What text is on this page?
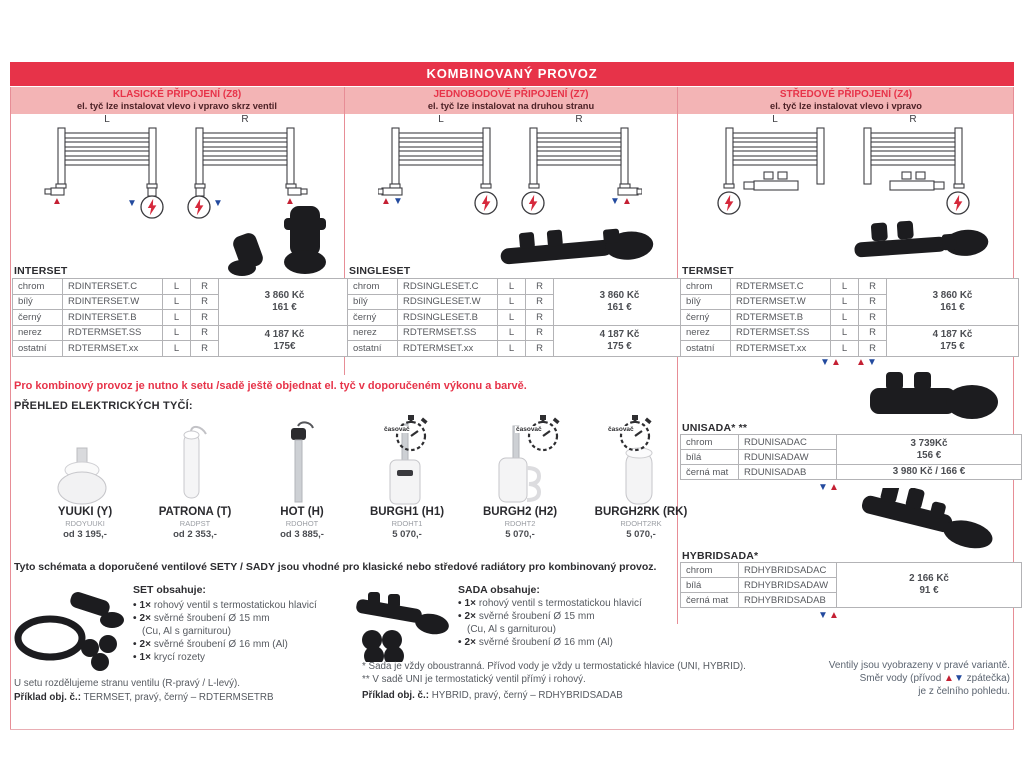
KOMBINOVANÝ PROVOZ
KLASICKÉ PŘIPOJENÍ (Z8)
el. tyč lze instalovat vlevo i vpravo skrz ventil
JEDNOBODOVÉ PŘIPOJENÍ (Z7)
el. tyč lze instalovat na druhou stranu
STŘEDOVÉ PŘIPOJENÍ (Z4)
el. tyč lze instalovat vlevo i vpravo
L	R
▲	▼	▼	▲
L	R
▲ ▼	▼ ▲
L	R
INTERSET
chrom	RDINTERSET.C	L	R	3 860 Kč
161 €

bílý	RDINTERSET.W	L	R	
černý	RDINTERSET.B	L	R	
nerez	RDTERMSET.SS	L	R	4 187 Kč
175€

ostatní	RDTERMSET.xx	L	R	
SINGLESET
chrom	RDSINGLESET.C	L	R	3 860 Kč
161 €

bílý	RDSINGLESET.W	L	R	
černý	RDSINGLESET.B	L	R	
nerez	RDTERMSET.SS	L	R	4 187 Kč
175 €

ostatní	RDTERMSET.xx	L	R	
TERMSET
chrom	RDTERMSET.C	L	R	3 860 Kč
161 €

bílý	RDTERMSET.W	L	R	
černý	RDTERMSET.B	L	R	
nerez	RDTERMSET.SS	L	R	4 187 Kč
175 €

ostatní	RDTERMSET.xx	L	R	
▼ ▲ ▲ ▼
Pro kombinový provoz je nutno k setu /sadě ještě objednat el. tyč v doporučeném výkonu a barvě.
PŘEHLED ELEKTRICKÝCH TYČÍ:
YUUKI (Y)
RDOYUUKI
od 3 195,-
PATRONA (T)
RADPST
od 2 353,-
HOT (H)
RDOHOT
od 3 885,-
BURGH1 (H1)
RDOHT1
5 070,-
BURGH2 (H2)
RDOHT2
5 070,-
BURGH2RK (RK)
RDOHT2RK
5 070,-
časovač	časovač	časovač	UNISADA* **
chrom	RDUNISADAC	3 739Kč
156 €

bílá	RDUNISADAW	
černá mat	RDUNISADAB	3 980 Kč / 166 €
▼ ▲
HYBRIDSADA*
chrom	RDHYBRIDSADAC	2 166 Kč
91 €

bílá	RDHYBRIDSADAW	
černá mat	RDHYBRIDSADAB	
▼ ▲
Tyto schémata a doporučené ventilové SETY / SADY jsou vhodné pro klasické nebo středové radiátory pro kombinovaný provoz.
SET obsahuje:
• 1× rohový ventil s termostatickou hlavicí
• 2× svěrné šroubení Ø 15 mm
(Cu, Al s garniturou)
• 2× svěrné šroubení Ø 16 mm (Al)
• 1× krycí rozety
U setu rozdělujeme stranu ventilu (R-pravý / L-levý).
Příklad obj. č.: TERMSET, pravý, černý – RDTERMSETRB
SADA obsahuje:
• 1× rohový ventil s termostatickou hlavicí
• 2× svěrné šroubení Ø 15 mm
(Cu, Al s garniturou)
• 2× svěrné šroubení Ø 16 mm (Al)
* Sada je vždy oboustranná. Přívod vody je vždy u termostatické hlavice (UNI, HYBRID).
** V sadě UNI je termostatický ventil přímý i rohový.
Příklad obj. č.: HYBRID, pravý, černý – RDHYBRIDSADAB
Ventily jsou vyobrazeny v pravé variantě.
Směr vody (přívod ▲▼ zpátečka)
je z čelního pohledu.
